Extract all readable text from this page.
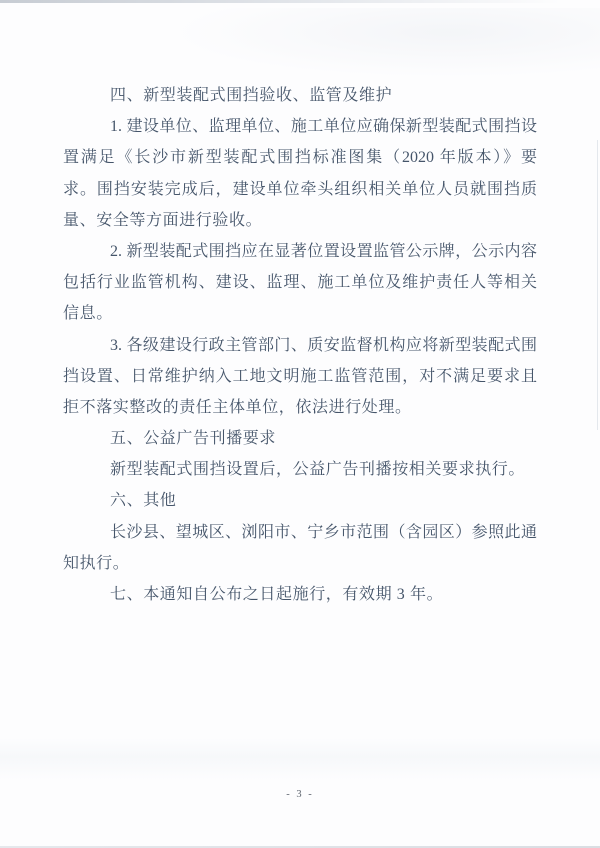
四、新型装配式围挡验收、监管及维护
1. 建设单位、监理单位、施工单位应确保新型装配式围挡设
置满足《长沙市新型装配式围挡标准图集（2020 年版本）》要
求。围挡安装完成后，建设单位牵头组织相关单位人员就围挡质
量、安全等方面进行验收。
2. 新型装配式围挡应在显著位置设置监管公示牌，公示内容
包括行业监管机构、建设、监理、施工单位及维护责任人等相关
信息。
3. 各级建设行政主管部门、质安监督机构应将新型装配式围
挡设置、日常维护纳入工地文明施工监管范围，对不满足要求且
拒不落实整改的责任主体单位，依法进行处理。
五、公益广告刊播要求
新型装配式围挡设置后，公益广告刊播按相关要求执行。
六、其他
长沙县、望城区、浏阳市、宁乡市范围（含园区）参照此通
知执行。
七、本通知自公布之日起施行，有效期 3 年。
- 3 -
